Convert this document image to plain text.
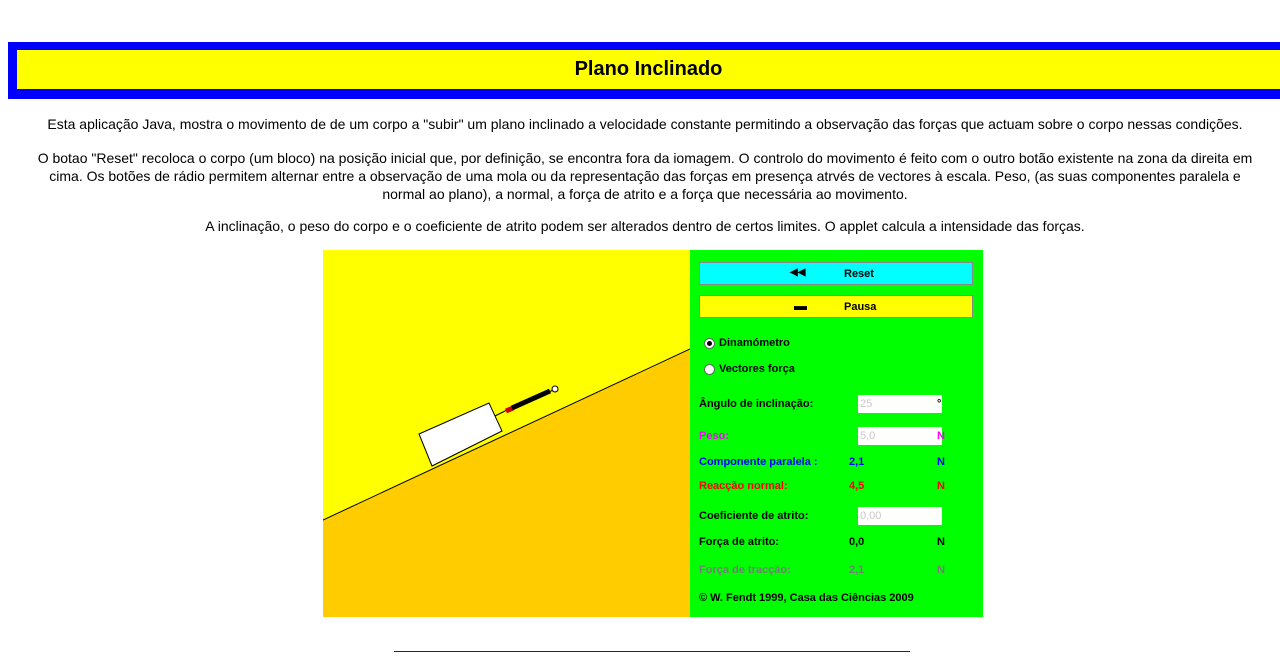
Plano Inclinado

Esta aplicação Java, mostra o movimento de de um corpo a "subir" um plano inclinado a velocidade constante permitindo a observação das forças que actuam sobre o corpo nessas condições.

O botao "Reset" recoloca o corpo (um bloco) na posição inicial que, por definição, se encontra fora da iomagem. O controlo do movimento é feito com o outro botão existente na zona da direita em
cima. Os botões de rádio permitem alternar entre a observação de uma mola ou da representação das forças em presença atrvés de vectores à escala. Peso, (as suas componentes paralela e
normal ao plano), a normal, a força de atrito e a força que necessária ao movimento.

A inclinação, o peso do corpo e o coeficiente de atrito podem ser alterados dentro de certos limites. O applet calcula a intensidade das forças.

◀◀	Reset
▬	Pausa
Dinamómetro
Vectores força
Ângulo de inclinação:
25	°
Peso:
5,0	N
Componente paralela :	2,1	N
Reacção normal:	4,5	N
Coeficiente de atrito:
0,00
Força de atrito:	0,0	N
Força de tracção:	2,1	N
© W. Fendt 1999, Casa das Ciências 2009
